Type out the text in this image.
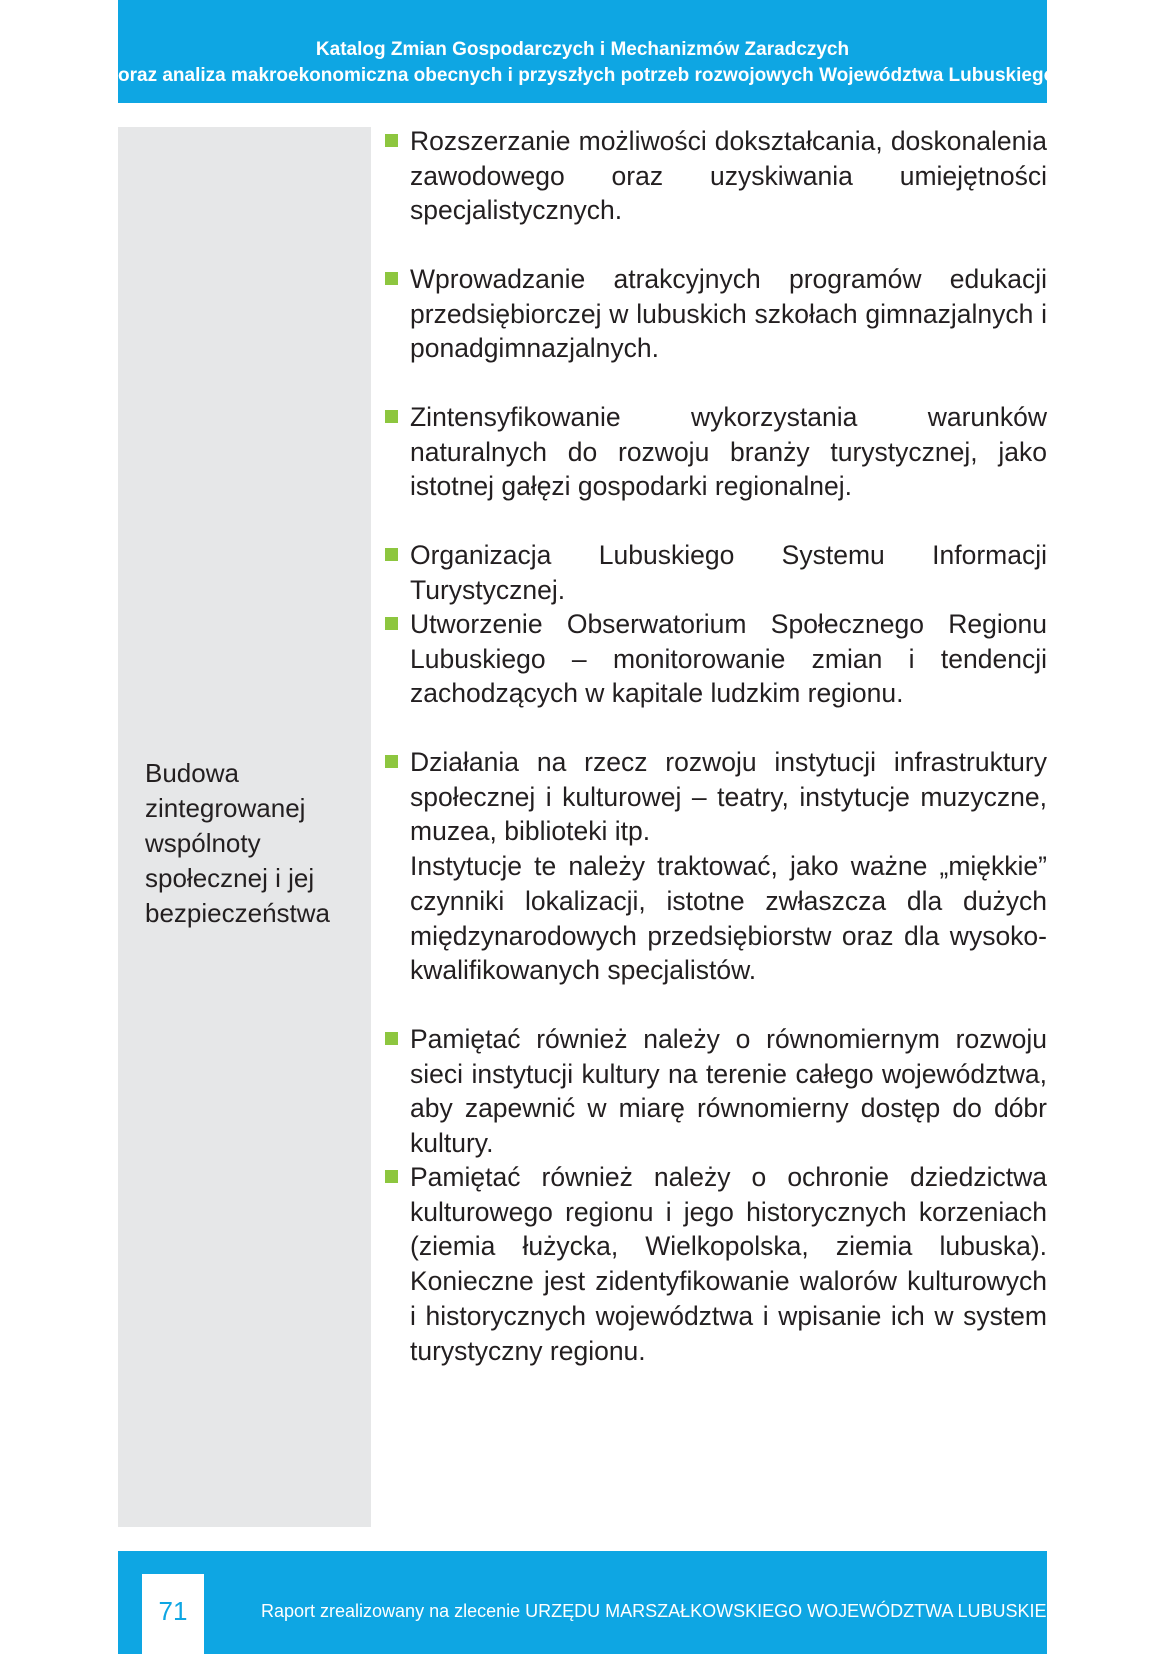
Katalog Zmian Gospodarczych i Mechanizmów Zaradczych
oraz analiza makroekonomiczna obecnych i przyszłych potrzeb rozwojowych Województwa Lubuskiego
Budowa
zintegrowanej
wspólnoty
społecznej i jej
bezpieczeństwa

Rozszerzanie możliwości dokształcania, doskonalenia zawodowego oraz uzyskiwania umiejętności specjalistycznych.

Wprowadzanie atrakcyjnych programów edukacji przedsiębiorczej w lubuskich szkołach gimnazjalnych i ponadgimnazjalnych.

Zintensyfikowanie wykorzystania warunków naturalnych do rozwoju branży turystycznej, jako istotnej gałęzi gospodarki regionalnej.

Organizacja Lubuskiego Systemu Informacji Turystycznej.

Utworzenie Obserwatorium Społecznego Regionu Lubuskiego – monitorowanie zmian i tendencji zachodzących w kapitale ludzkim regionu.

Działania na rzecz rozwoju instytucji infrastruktury społecznej i kulturowej – teatry, instytucje muzyczne, muzea, biblioteki itp.

Instytucje te należy traktować, jako ważne „miękkie” czynniki lokalizacji, istotne zwłaszcza dla dużych międzynarodowych przedsiębiorstw oraz dla wysoko-kwalifikowanych specjalistów.

Pamiętać również należy o równomiernym rozwoju sieci instytucji kultury na terenie całego województwa, aby zapewnić w miarę równomierny dostęp do dóbr kultury.

Pamiętać również należy o ochronie dziedzictwa kulturowego regionu i jego historycznych korzeniach (ziemia łużycka, Wielkopolska, ziemia lubuska). Konieczne jest zidentyfikowanie walorów kulturowych i historycznych województwa i wpisanie ich w system turystyczny regionu.

71	Raport zrealizowany na zlecenie URZĘDU MARSZAŁKOWSKIEGO WOJEWÓDZTWA LUBUSKIEGO
